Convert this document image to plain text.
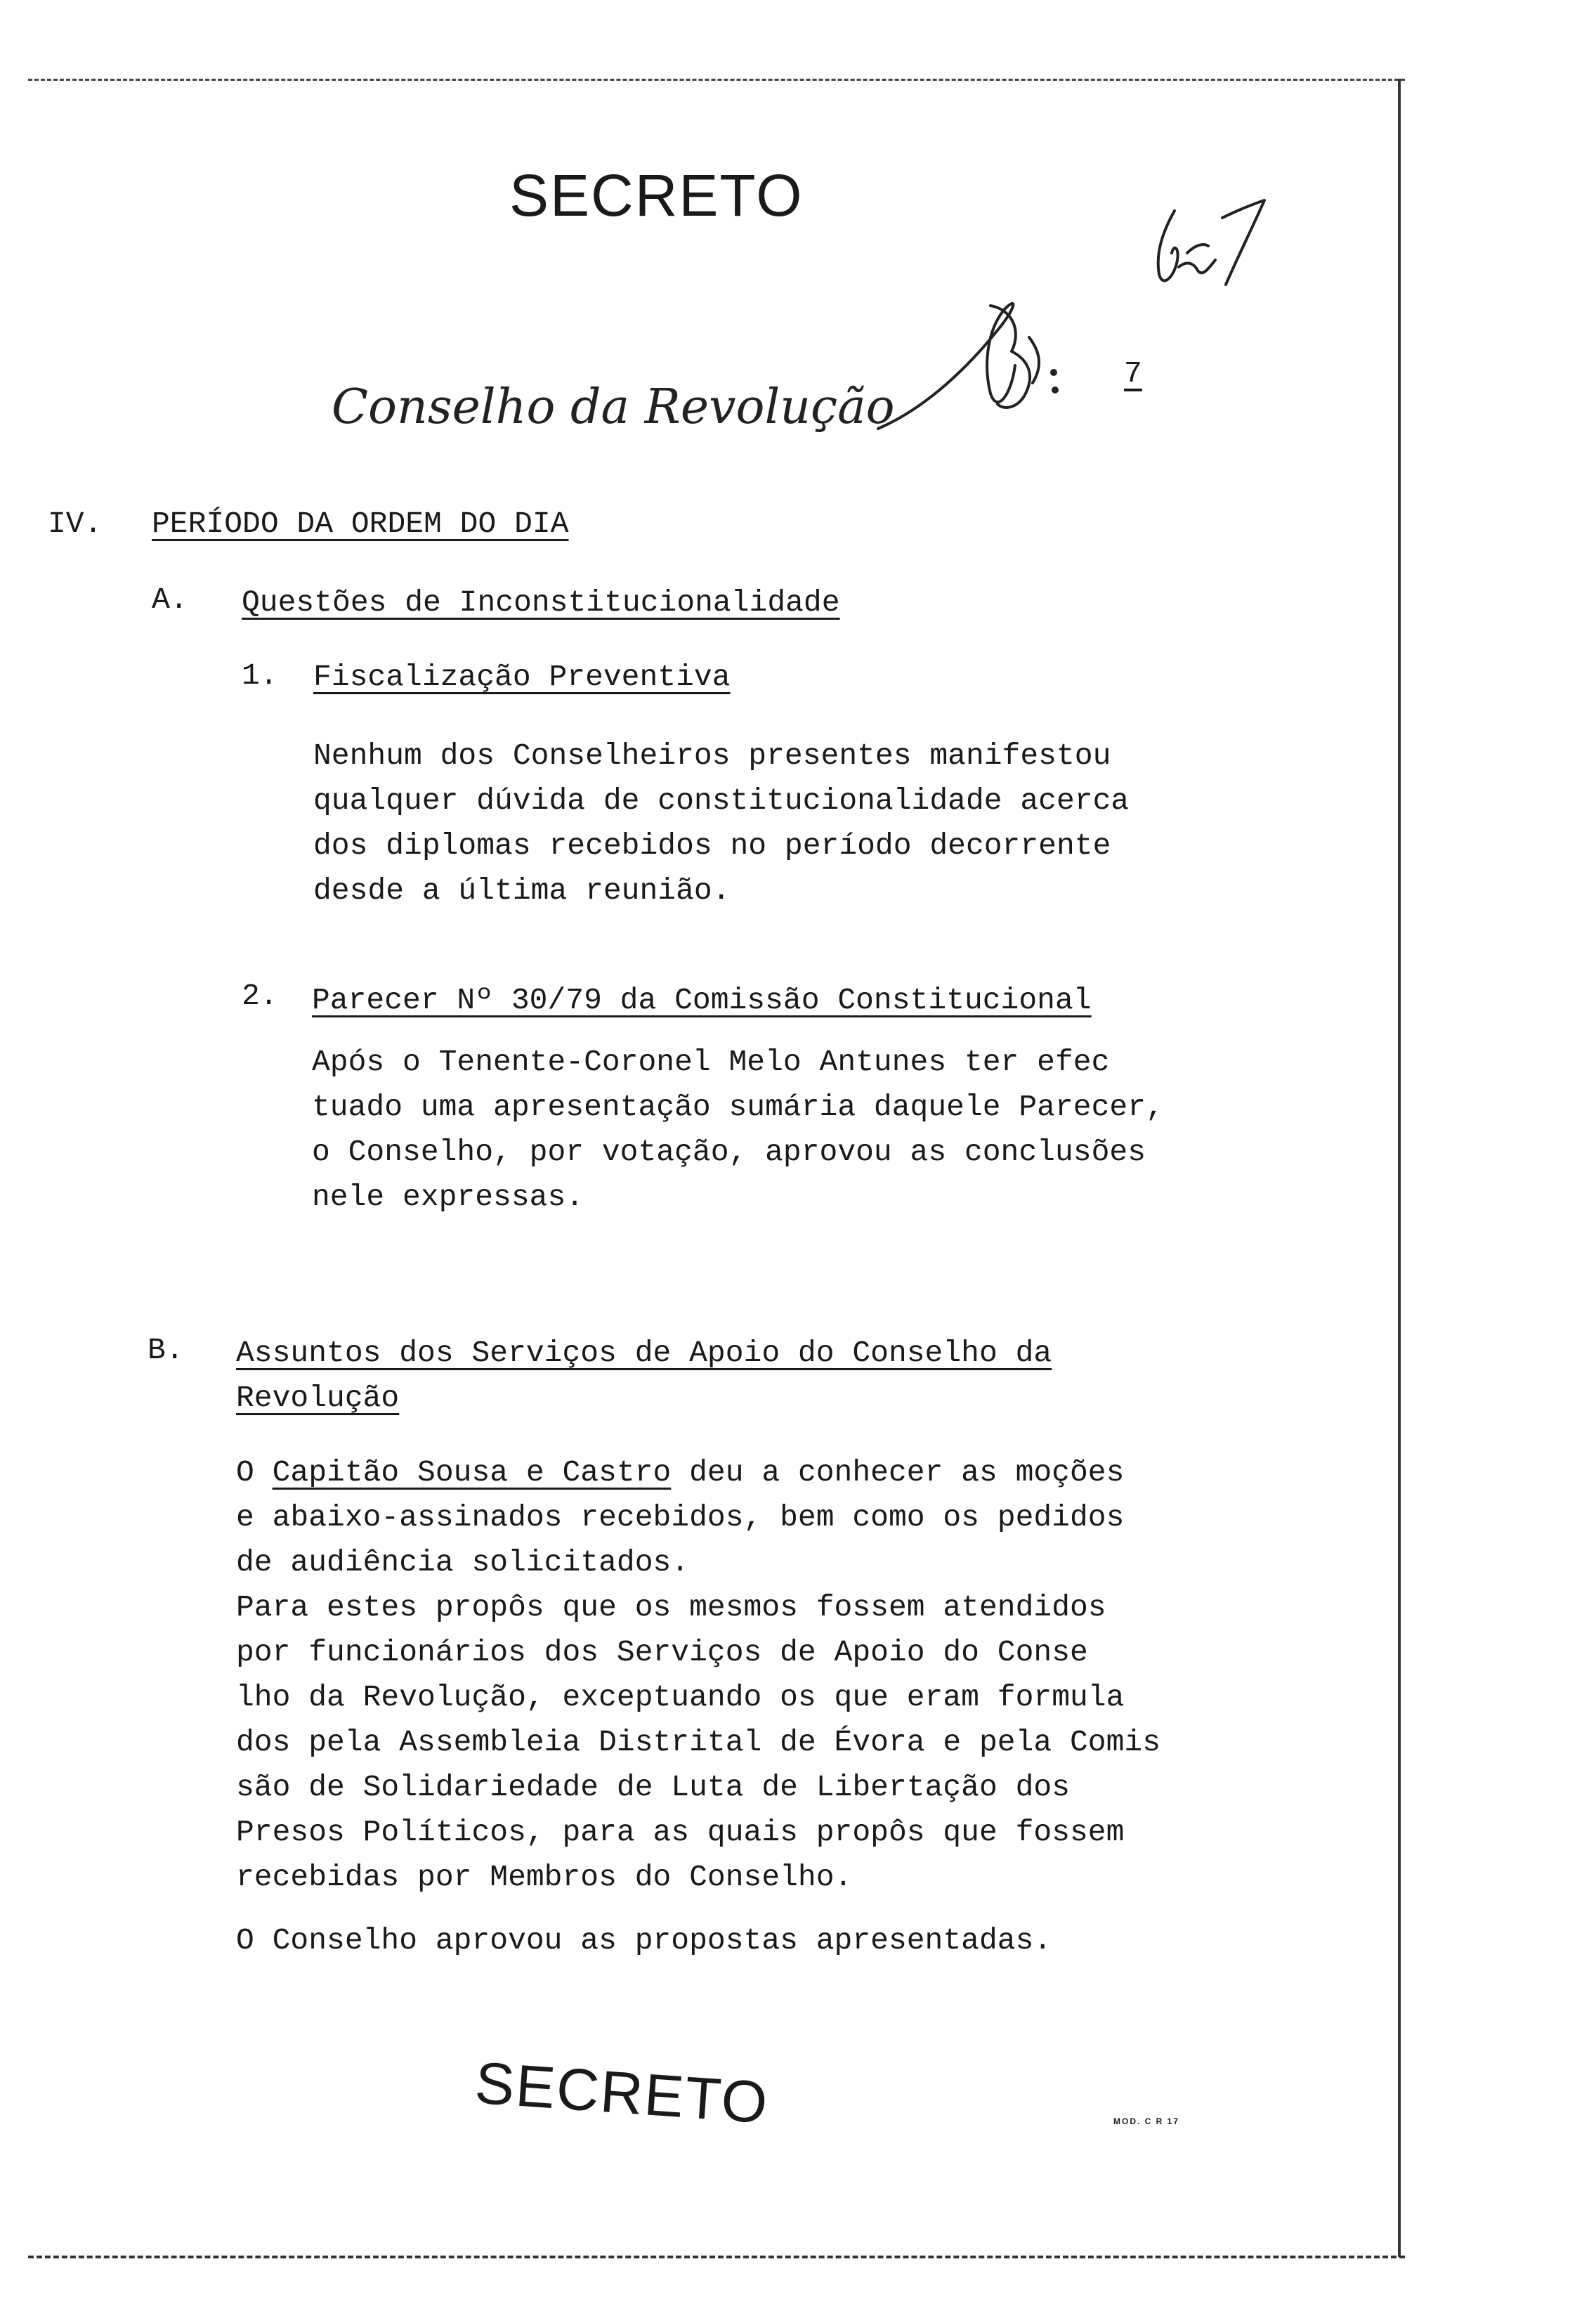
SECRETO
Conselho da Revolução
7
IV. PERÍODO DA ORDEM DO DIA
A. Questões de Inconstitucionalidade
1. Fiscalização Preventiva
Nenhum dos Conselheiros presentes manifestou
qualquer dúvida de constitucionalidade acerca
dos diplomas recebidos no período decorrente
desde a última reunião.
2. Parecer Nº 30/79 da Comissão Constitucional
Após o Tenente-Coronel Melo Antunes ter efec
tuado uma apresentação sumária daquele Parecer,
o Conselho, por votação, aprovou as conclusões
nele expressas.
B. Assuntos dos Serviços de Apoio do Conselho da
Revolução
O Capitão Sousa e Castro deu a conhecer as moções
e abaixo-assinados recebidos, bem como os pedidos
de audiência solicitados.
Para estes propôs que os mesmos fossem atendidos
por funcionários dos Serviços de Apoio do Conse
lho da Revolução, exceptuando os que eram formula
dos pela Assembleia Distrital de Évora e pela Comis
são de Solidariedade de Luta de Libertação dos
Presos Políticos, para as quais propôs que fossem
recebidas por Membros do Conselho.
O Conselho aprovou as propostas apresentadas.
SECRETO	MOD. C R 17
